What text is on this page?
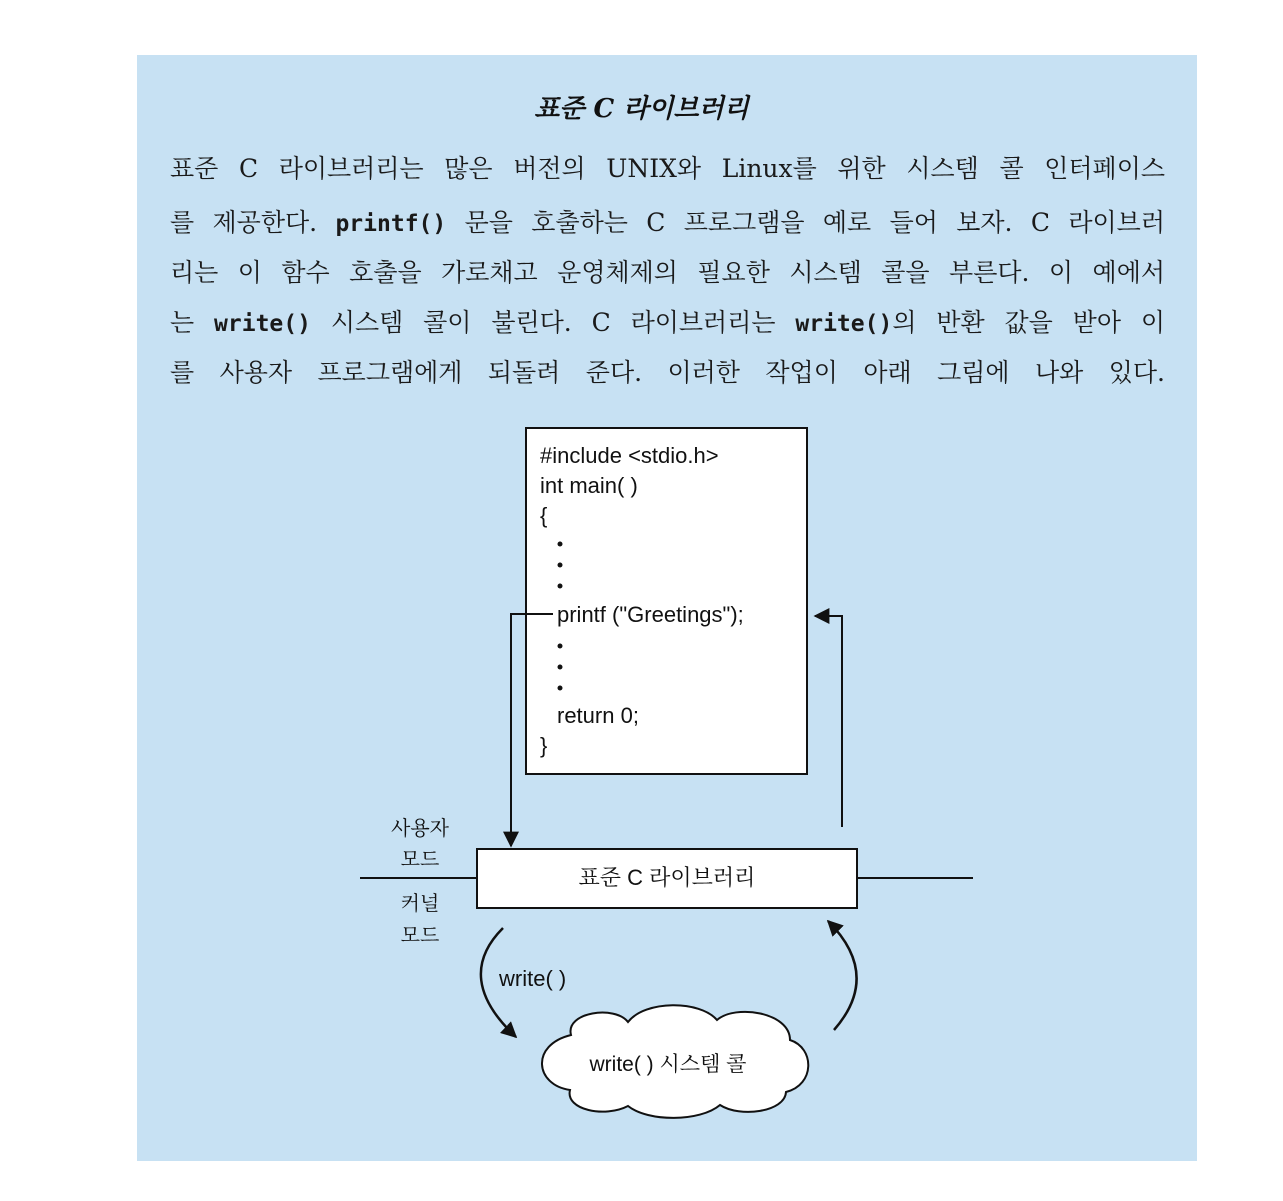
표준 C 라이브러리
표준 C 라이브러리는 많은 버전의 UNIX와 Linux를 위한 시스템 콜 인터페이스
를 제공한다. printf() 문을 호출하는 C 프로그램을 예로 들어 보자. C 라이브러
리는 이 함수 호출을 가로채고 운영체제의 필요한 시스템 콜을 부른다. 이 예에서
는 write() 시스템 콜이 불린다. C 라이브러리는 write()의 반환 값을 받아 이
를 사용자 프로그램에게 되돌려 준다. 이러한 작업이 아래 그림에 나와 있다.
#include <stdio.h>
int main( )
{
printf ("Greetings");
return 0;
}
표준 C 라이브러리
사용자
모드
커널
모드
write( )
write( ) 시스템 콜
